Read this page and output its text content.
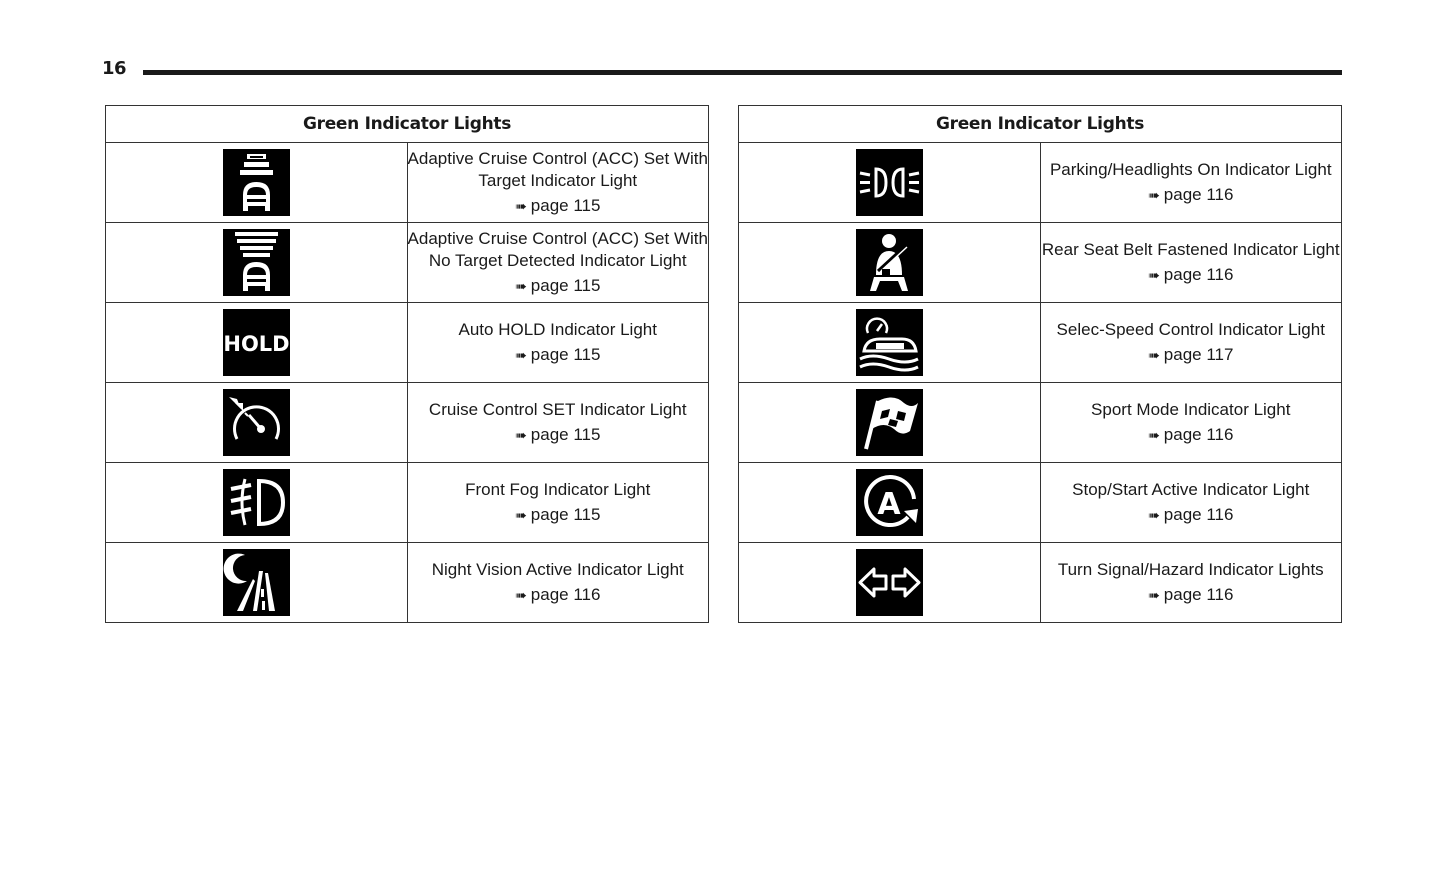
16
Green Indicator Lights	

Adaptive Cruise Control (ACC) Set With Target Indicator Light
➠ page 115

Adaptive Cruise Control (ACC) Set With No Target Detected Indicator Light
➠ page 115

HOLD	Auto HOLD Indicator Light
➠ page 115

Cruise Control SET Indicator Light
➠ page 115

Front Fog Indicator Light
➠ page 115

Night Vision Active Indicator Light
➠ page 116
Green Indicator Lights	

Parking/Headlights On Indicator Light
➠ page 116

Rear Seat Belt Fastened Indicator Light
➠ page 116

Selec-Speed Control Indicator Light
➠ page 117

Sport Mode Indicator Light
➠ page 116

A	Stop/Start Active Indicator Light
➠ page 116

Turn Signal/Hazard Indicator Lights
➠ page 116
